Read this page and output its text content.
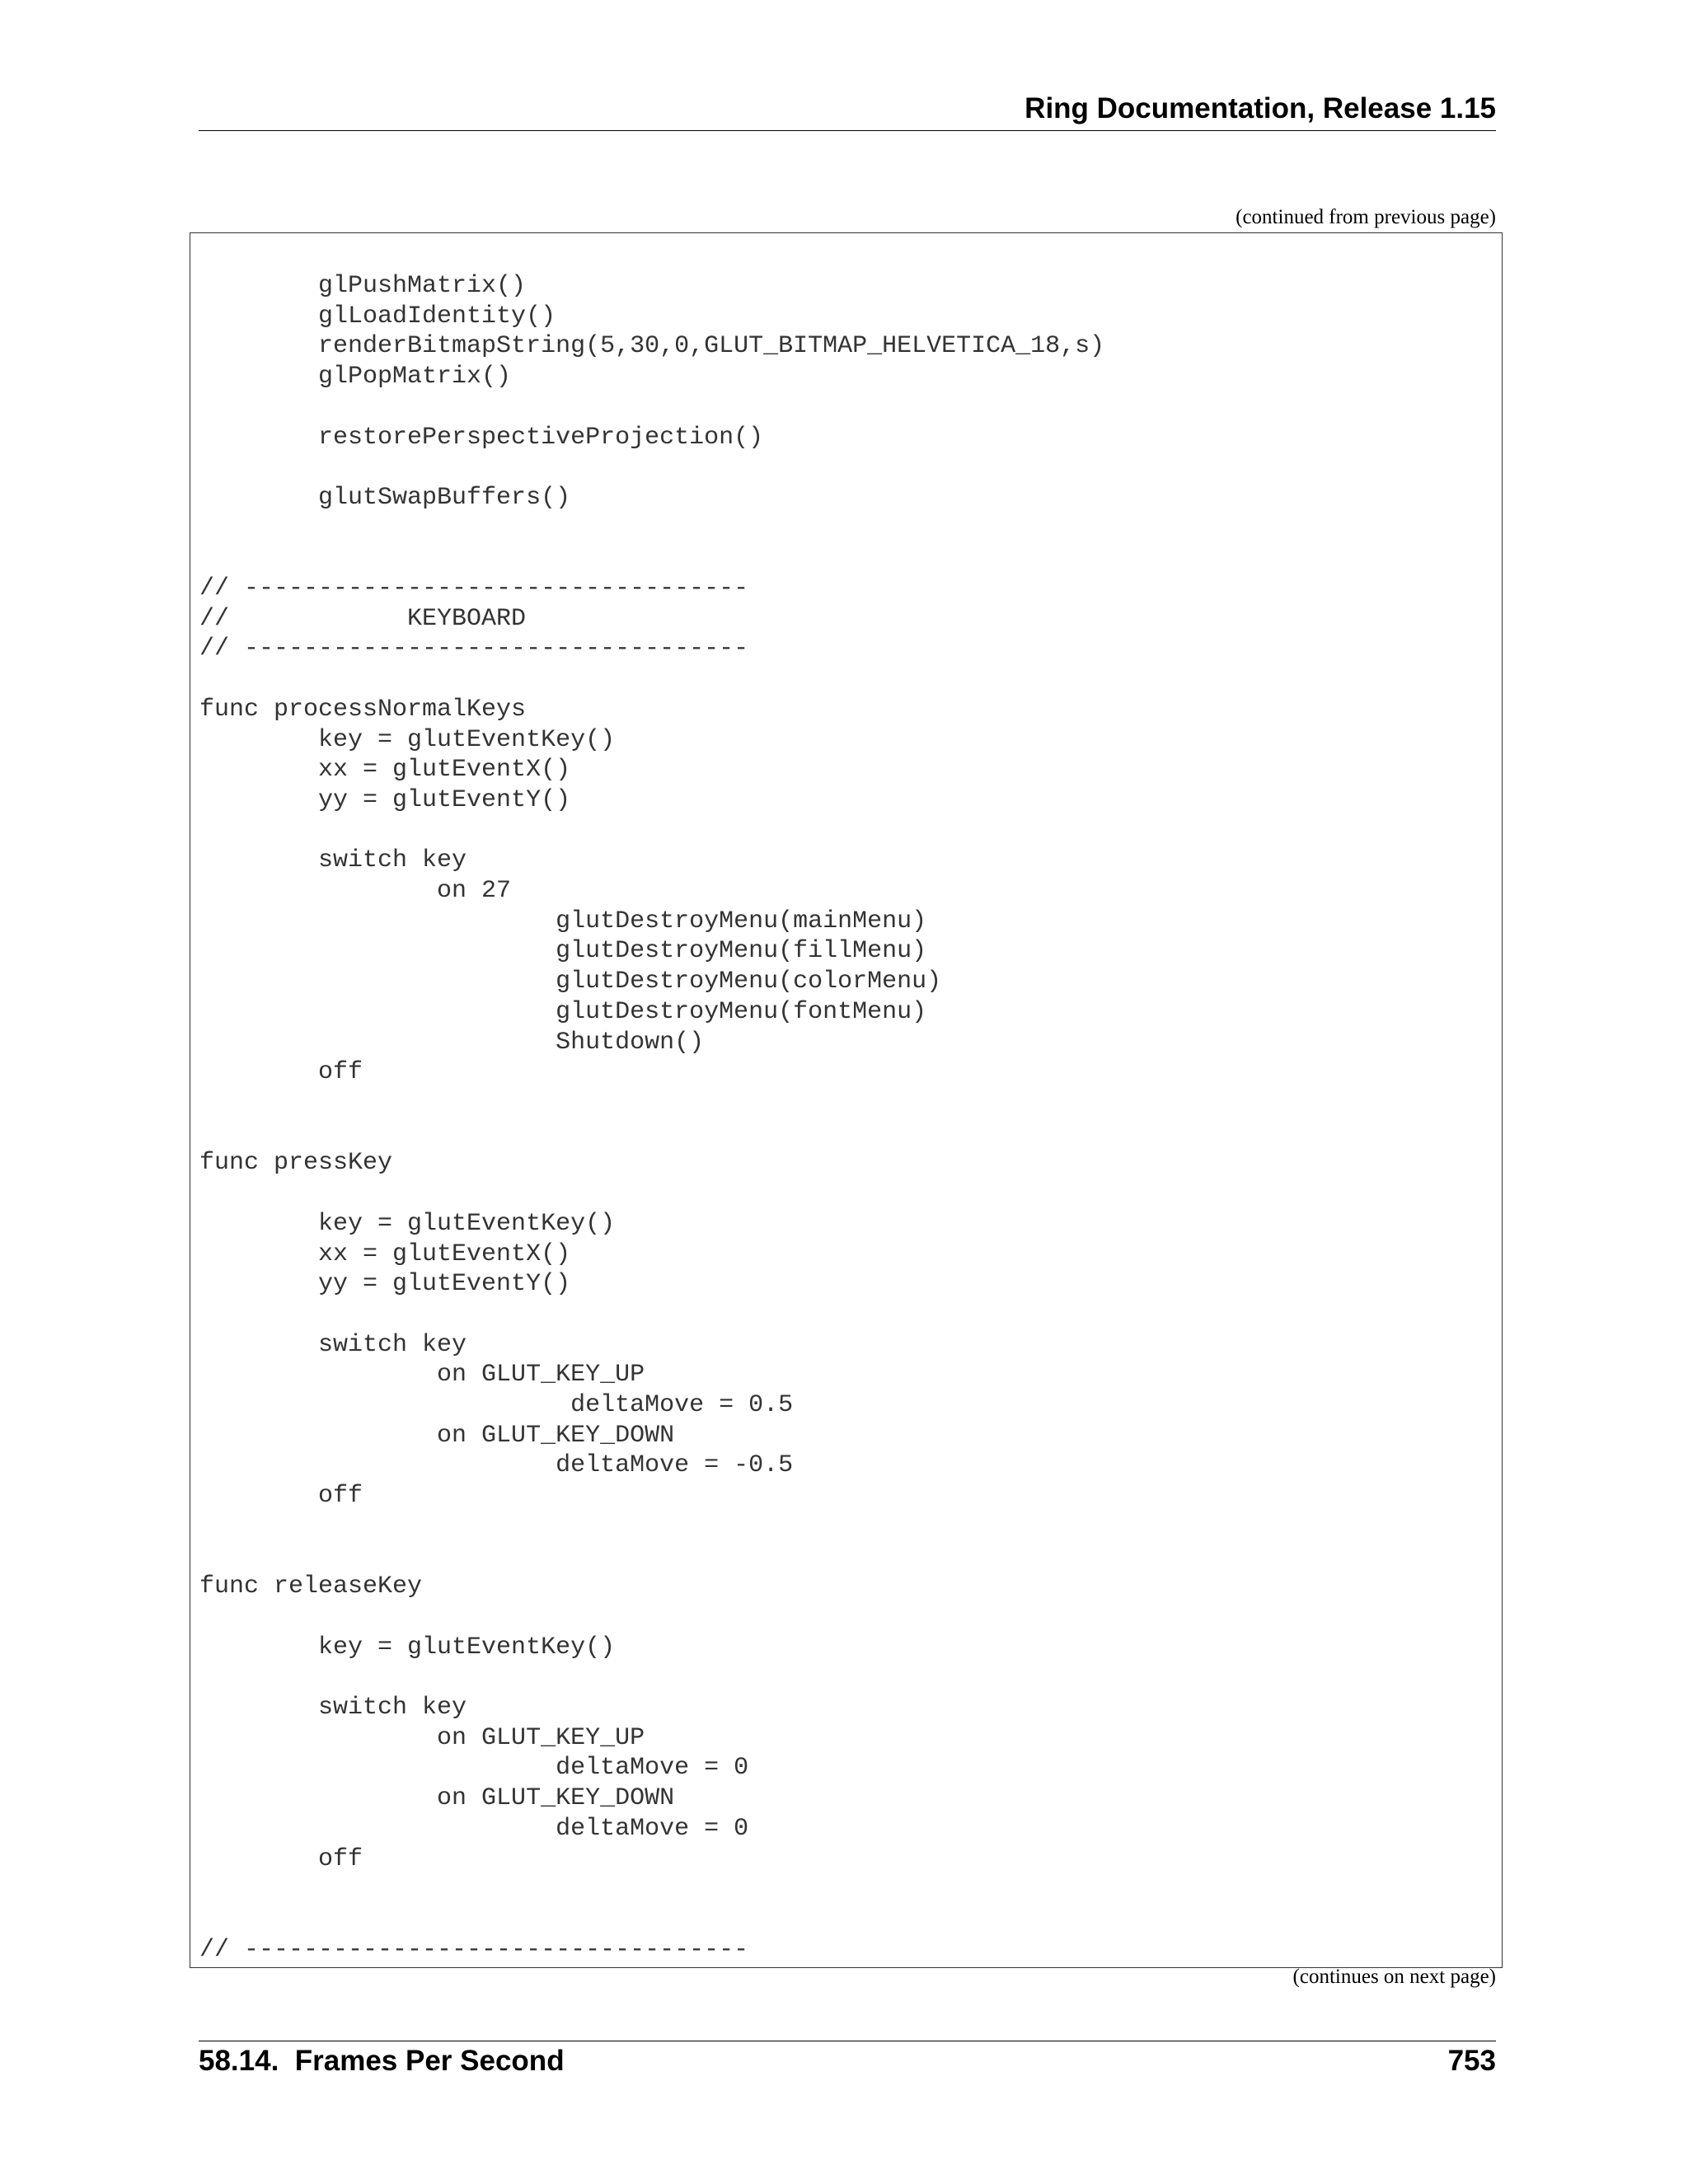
Ring Documentation, Release 1.15
(continued from previous page)
glPushMatrix()
glLoadIdentity()
renderBitmapString(5,30,0,GLUT_BITMAP_HELVETICA_18,s)
glPopMatrix()

restorePerspectiveProjection()

glutSwapBuffers()

// ----------------------------------
//            KEYBOARD
// ----------------------------------

func processNormalKeys
key = glutEventKey()
xx = glutEventX()
yy = glutEventY()

switch key
on 27
glutDestroyMenu(mainMenu)
glutDestroyMenu(fillMenu)
glutDestroyMenu(colorMenu)
glutDestroyMenu(fontMenu)
Shutdown()
off

func pressKey

key = glutEventKey()
xx = glutEventX()
yy = glutEventY()

switch key
on GLUT_KEY_UP
deltaMove = 0.5
on GLUT_KEY_DOWN
deltaMove = -0.5
off

func releaseKey

key = glutEventKey()

switch key
on GLUT_KEY_UP
deltaMove = 0
on GLUT_KEY_DOWN
deltaMove = 0
off

// ----------------------------------
(continues on next page)
58.14.  Frames Per Second	753
